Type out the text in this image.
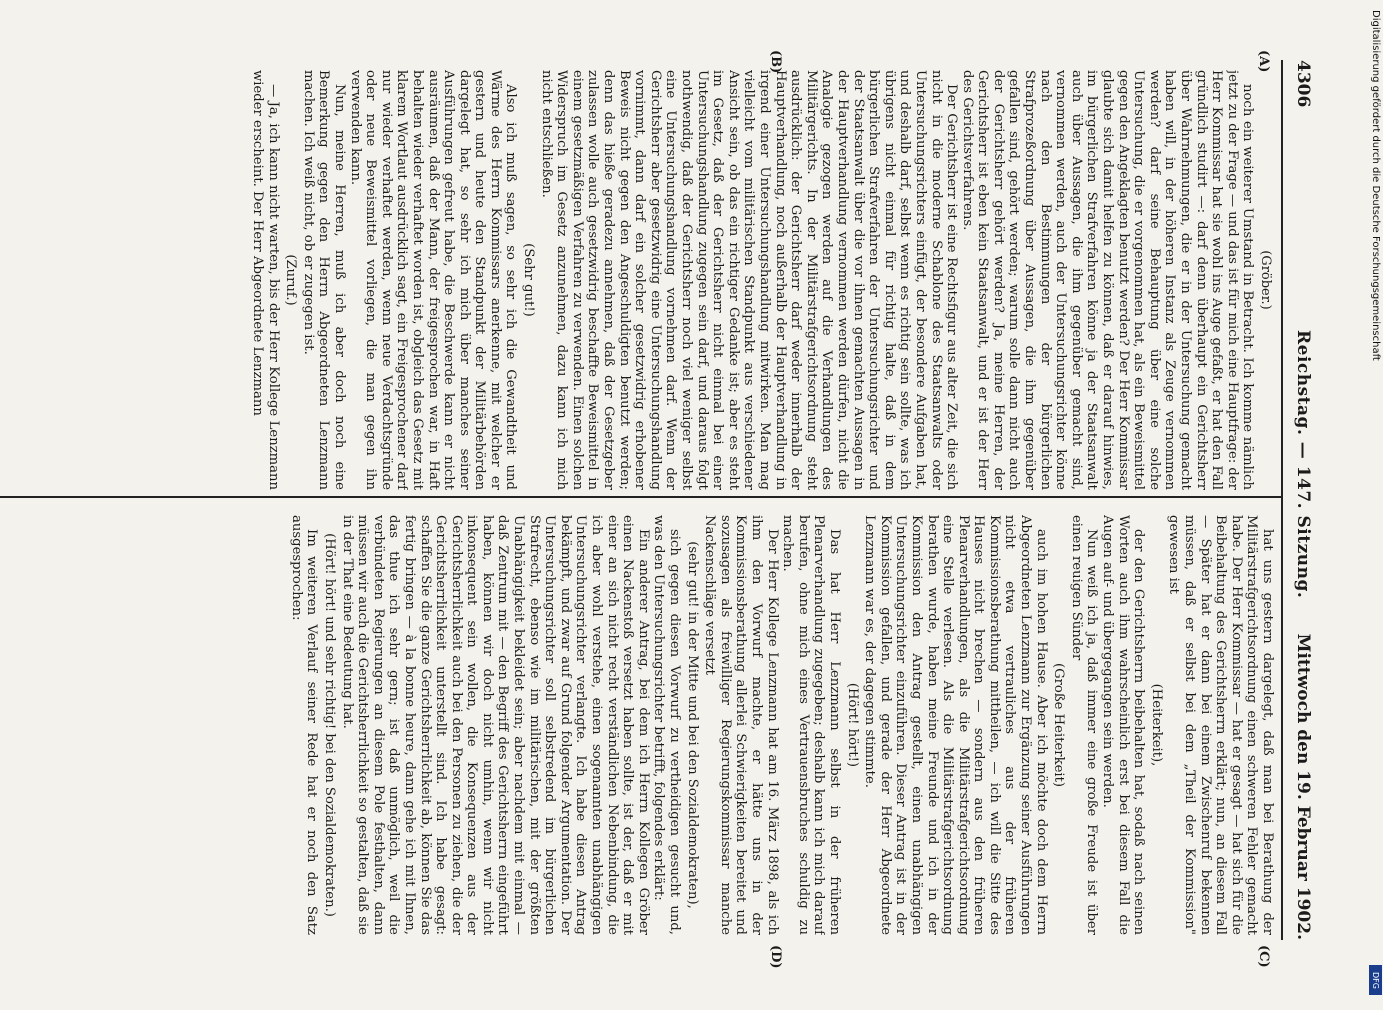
4306
Reichstag. — 147. Sitzung.
Mittwoch den 19. Februar 1902.
(A)
(B)
(C)
(D)

(Gröber.)

noch ein weiterer Umstand in Betracht. Ich komme nämlich jetzt zu der Frage — und das ist für mich eine Hauptfrage: der Herr Kommissar hat sie wohl ins Auge gefaßt, er hat den Fall gründlich studirt —: darf denn überhaupt ein Gerichtsherr über Wahrnehmungen, die er in der Untersuchung gemacht haben will, in der höheren Instanz als Zeuge vernommen werden? darf seine Behauptung über eine solche Untersuchung, die er vorgenommen hat, als ein Beweismittel gegen den Angeklagten benutzt werden? Der Herr Kommissar glaubte sich damit helfen zu können, daß er darauf hinwies, im bürgerlichen Strafverfahren könne ja der Staatsanwalt auch über Aussagen, die ihm gegenüber gemacht sind, vernommen werden, auch der Untersuchungsrichter könne nach den Bestimmungen der bürgerlichen Strafprozeßordnung über Aussagen, die ihm gegenüber gefallen sind, gehört werden; warum solle dann nicht auch der Gerichtsherr gehört werden? Ja, meine Herren, der Gerichtsherr ist eben kein Staatsanwalt, und er ist der Herr des Gerichtsverfahrens.

Der Gerichtsherr ist eine Rechtsfigur aus alter Zeit, die sich nicht in die moderne Schablone des Staatsanwalts oder Untersuchungsrichters einfügt, der besondere Aufgaben hat, und deshalb darf, selbst wenn es richtig sein sollte, was ich übrigens nicht einmal für richtig halte, daß in dem bürgerlichen Strafverfahren der Untersuchungsrichter und der Staatsanwalt über die vor ihnen gemachten Aussagen in der Hauptverhandlung vernommen werden dürfen, nicht die Analogie gezogen werden auf die Verhandlungen des Militärgerichts. In der Militärstrafgerichtsordnung steht ausdrücklich: der Gerichtsherr darf weder innerhalb der Hauptverhandlung, noch außerhalb der Hauptverhandlung in irgend einer Untersuchungshandlung mitwirken. Man mag vielleicht vom militärischen Standpunkt aus verschiedener Ansicht sein, ob das ein richtiger Gedanke ist; aber es steht im Gesetz, daß der Gerichtsherr nicht einmal bei einer Untersuchungshandlung zugegen sein darf, und daraus folgt nothwendig, daß der Gerichtsherr noch viel weniger selbst eine Untersuchungshandlung vornehmen darf. Wenn der Gerichtsherr aber gesetzwidrig eine Untersuchungshandlung vornimmt, dann darf ein solcher gesetzwidrig erhobener Beweis nicht gegen den Angeschuldigten benutzt werden; denn das hieße geradezu annehmen, daß der Gesetzgeber zulassen wolle auch gesetzwidrig beschaffte Beweismittel in einem gesetzmäßigen Verfahren zu verwenden. Einen solchen Widerspruch im Gesetz anzunehmen, dazu kann ich mich nicht entschließen.

(Sehr gut!)

Also ich muß sagen, so sehr ich die Gewandtheit und Wärme des Herrn Kommissars anerkenne, mit welcher er gestern und heute den Standpunkt der Militärbehörden dargelegt hat, so sehr ich mich über manches seiner Ausführungen gefreut habe, die Beschwerde kann er nicht ausräumen, daß der Mann, der freigesprochen war, in Haft behalten wieder verhaftet worden ist, obgleich das Gesetz mit klarem Wortlaut ausdrücklich sagt, ein Freigesprochener darf nur wieder verhaftet werden, wenn neue Verdachtsgründe oder neue Beweismittel vorliegen, die man gegen ihn verwenden kann.

Nun, meine Herren, muß ich aber doch noch eine Bemerkung gegen den Herrn Abgeordneten Lenzmann machen. Ich weiß nicht, ob er zugegen ist.

(Zuruf.)

— Ja, ich kann nicht warten, bis der Herr Kollege Lenzmann wieder erscheint. Der Herr Abgeordnete Lenzmann

hat uns gestern dargelegt, daß man bei Berathung der Militärstrafgerichtsordnung einen schweren Fehler gemacht habe. Der Herr Kommissar — hat er gesagt — hat sich für die Beibehaltung des Gerichtsherrn erklärt; nun, an diesem Fall — Später hat er dann bei einem Zwischenruf bekennen müssen, daß er selbst bei dem „Theil der Kommission" gewesen ist

(Heiterkeit),

der den Gerichtsherrn beibehalten hat, sodaß nach seinen Worten auch ihm wahrscheinlich erst bei diesem Fall die Augen auf- und übergegangen sein werden.

Nun weiß ich ja, daß immer eine große Freude ist über einen reuigen Sünder

(Große Heiterkeit)

auch im hohen Hause. Aber ich möchte doch dem Herrn Abgeordneten Lenzmann zur Ergänzung seiner Ausführungen nicht etwa vertrauliches aus der früheren Kommissionsberathung mittheilen, — ich will die Sitte des Hauses nicht brechen — sondern aus den früheren Plenarverhandlungen, als die Militärstrafgerichtsordnung eine Stelle verlesen. Als die Militärstrafgerichtsordnung berathen wurde, haben meine Freunde und ich in der Kommission den Antrag gestellt, einen unabhängigen Untersuchungsrichter einzuführen. Dieser Antrag ist in der Kommission gefallen, und gerade der Herr Abgeordnete Lenzmann war es, der dagegen stimmte.

(Hört! hört!)

Das hat Herr Lenzmann selbst in der früheren Plenarverhandlung zugegeben; deshalb kann ich mich darauf berufen, ohne mich eines Vertrauensbruches schuldig zu machen.

Der Herr Kollege Lenzmann hat am 16. März 1898, als ich ihm den Vorwurf machte, er hätte uns in der Kommissionsberathung allerlei Schwierigkeiten bereitet und sozusagen als freiwilliger Regierungskommissar manche Nackenschläge versetzt

(sehr gut! in der Mitte und bei den Sozialdemokraten),

sich gegen diesen Vorwurf zu vertheidigen gesucht und, was den Untersuchungsrichter betrifft, folgendes erklärt:

Ein anderer Antrag, bei dem ich Herrn Kollegen Gröber einen Nackenstoß versetzt haben sollte, ist der, daß er mit einer an sich nicht recht verständlichen Nebenbindung, die ich aber wohl verstehe, einen sogenannten unabhängigen Untersuchungsrichter verlangte. Ich habe diesen Antrag bekämpft, und zwar auf Grund folgender Argumentation. Der Untersuchungsrichter soll selbstredend im bürgerlichen Strafrecht, ebenso wie im militärischen, mit der größten Unabhängigkeit bekleidet sein; aber nachdem mit einmal — daß Zentrum mit — den Begriff des Gerichtsherrn eingeführt haben, können wir doch nicht umhin, wenn wir nicht inkonsequent sein wollen, die Konsequenzen aus der Gerichtsherrlichkeit auch bei den Personen zu ziehen, die der Gerichtsherrlichkeit unterstellt sind. Ich habe gesagt: schaffen Sie die ganze Gerichtsherrlichkeit ab, können Sie das fertig bringen — à la bonne heure, dann gehe ich mit Ihnen, das thue ich sehr gern; ist daß unmöglich, weil die verbündeten Regierungen an diesem Pole festhalten, dann müssen wir auch die Gerichtsherrlichkeit so gestalten, daß sie in der That eine Bedeutung hat.

(Hört! hört! und sehr richtig! bei den Sozialdemokraten.)

Im weiteren Verlauf seiner Rede hat er noch den Satz ausgesprochen:

Digitalisierung gefördert durch die Deutsche Forschungsgemeinschaft
DFG
